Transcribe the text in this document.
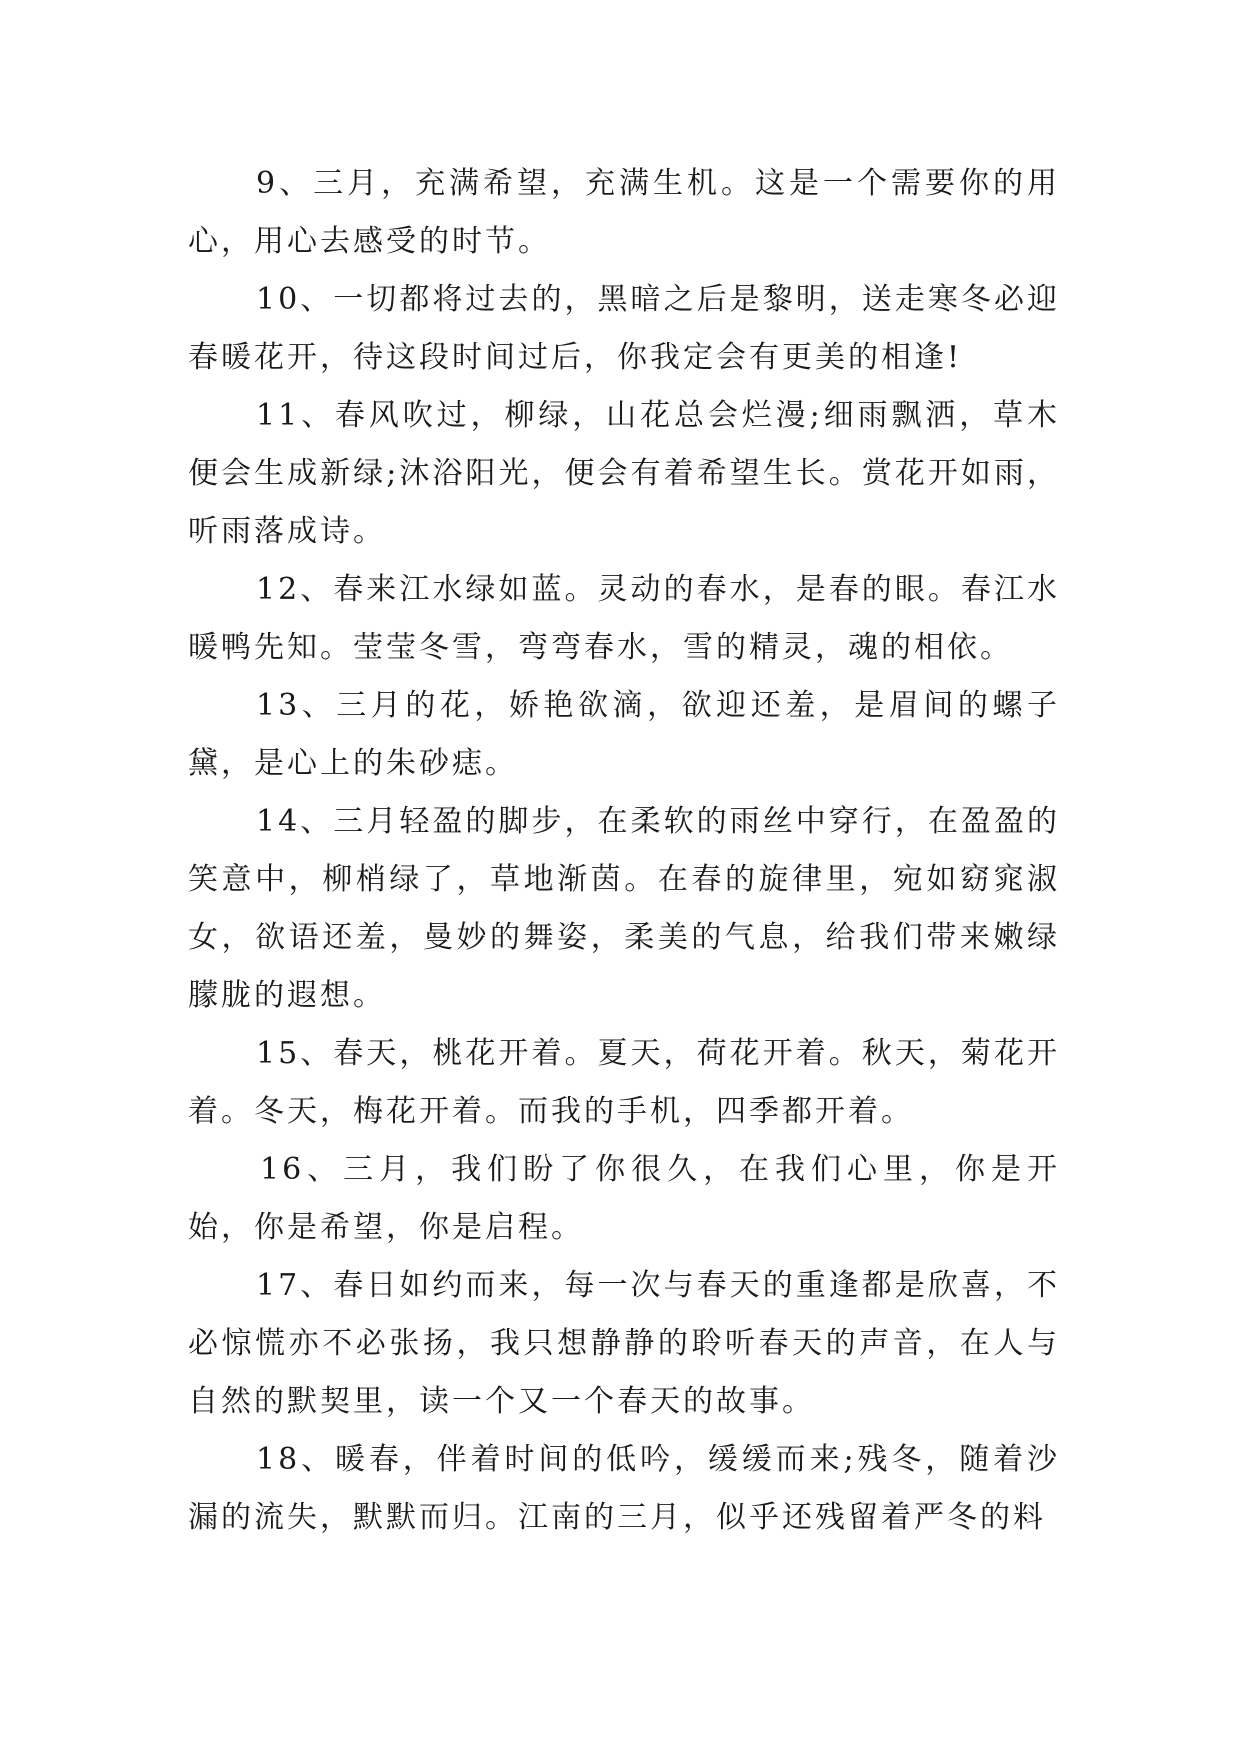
9、三月，充满希望，充满生机。这是一个需要你的用心，用心去感受的时节。

10、一切都将过去的，黑暗之后是黎明，送走寒冬必迎春暖花开，待这段时间过后，你我定会有更美的相逢!

11、春风吹过，柳绿，山花总会烂漫;细雨飘洒，草木便会生成新绿;沐浴阳光，便会有着希望生长。赏花开如雨，听雨落成诗。

12、春来江水绿如蓝。灵动的春水，是春的眼。春江水暖鸭先知。莹莹冬雪，弯弯春水，雪的精灵，魂的相依。

13、三月的花，娇艳欲滴，欲迎还羞，是眉间的螺子黛，是心上的朱砂痣。

14、三月轻盈的脚步，在柔软的雨丝中穿行，在盈盈的笑意中，柳梢绿了，草地渐茵。在春的旋律里，宛如窈窕淑女，欲语还羞，曼妙的舞姿，柔美的气息，给我们带来嫩绿朦胧的遐想。

15、春天，桃花开着。夏天，荷花开着。秋天，菊花开着。冬天，梅花开着。而我的手机，四季都开着。

16、三月，我们盼了你很久，在我们心里，你是开始，你是希望，你是启程。

17、春日如约而来，每一次与春天的重逢都是欣喜，不必惊慌亦不必张扬，我只想静静的聆听春天的声音，在人与自然的默契里，读一个又一个春天的故事。

18、暖春，伴着时间的低吟，缓缓而来;残冬，随着沙漏的流失，默默而归。江南的三月，似乎还残留着严冬的料
